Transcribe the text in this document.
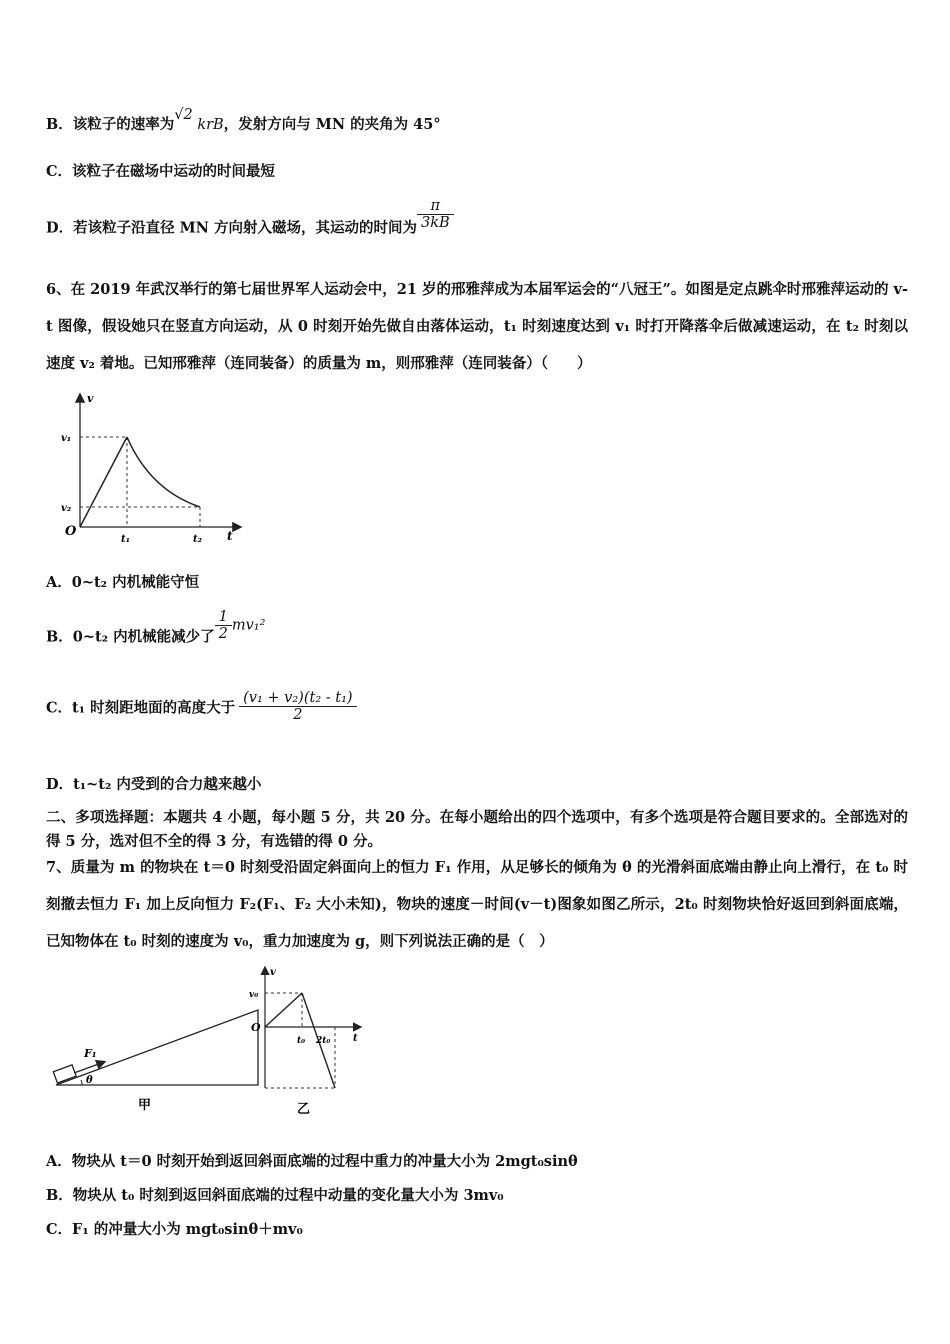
B．该粒子的速率为√2 krB，发射方向与 MN 的夹角为 45°
C．该粒子在磁场中运动的时间最短
D．若该粒子沿直径 MN 方向射入磁场，其运动的时间为 $\frac{\pi}{3kB}$
6、在 2019 年武汉举行的第七届世界军人运动会中，21 岁的邢雅萍成为本届军运会的“八冠王”。如图是定点跳伞时邢雅萍运动的 v-t 图像，假设她只在竖直方向运动，从 0 时刻开始先做自由落体运动，t₁ 时刻速度达到 v₁ 时打开降落伞后做减速运动，在 t₂ 时刻以速度 v₂ 着地。已知邢雅萍（连同装备）的质量为 m，则邢雅萍（连同装备）（　　）
v
t
O
v₁
v₂
t₁	t₂
A．0~t₂ 内机械能守恒
B．0~t₂ 内机械能减少了 $\frac{1}{2} mv_1^2$
C．t₁ 时刻距地面的高度大于 $\frac{\text{(v₁ + v₂)(t₂ - t₁)}}{2}$
D．t₁~t₂ 内受到的合力越来越小
二、多项选择题：本题共 4 小题，每小题 5 分，共 20 分。在每小题给出的四个选项中，有多个选项是符合题目要求的。全部选对的得 5 分，选对但不全的得 3 分，有选错的得 0 分。
7、质量为 m 的物块在 t＝0 时刻受沿固定斜面向上的恒力 F₁ 作用，从足够长的倾角为 θ 的光滑斜面底端由静止向上滑行，在 t₀ 时刻撤去恒力 F₁ 加上反向恒力 F₂(F₁、F₂ 大小未知)，物块的速度－时间(v－t)图象如图乙所示，2t₀ 时刻物块恰好返回到斜面底端，已知物体在 t₀ 时刻的速度为 v₀，重力加速度为 g，则下列说法正确的是（　）
F₁
θ
甲
v
t
O
v₀
t₀ 2t₀
乙
A．物块从 t＝0 时刻开始到返回斜面底端的过程中重力的冲量大小为 2mgt₀sinθ
B．物块从 t₀ 时刻到返回斜面底端的过程中动量的变化量大小为 3mv₀
C．F₁ 的冲量大小为 mgt₀sinθ＋mv₀
